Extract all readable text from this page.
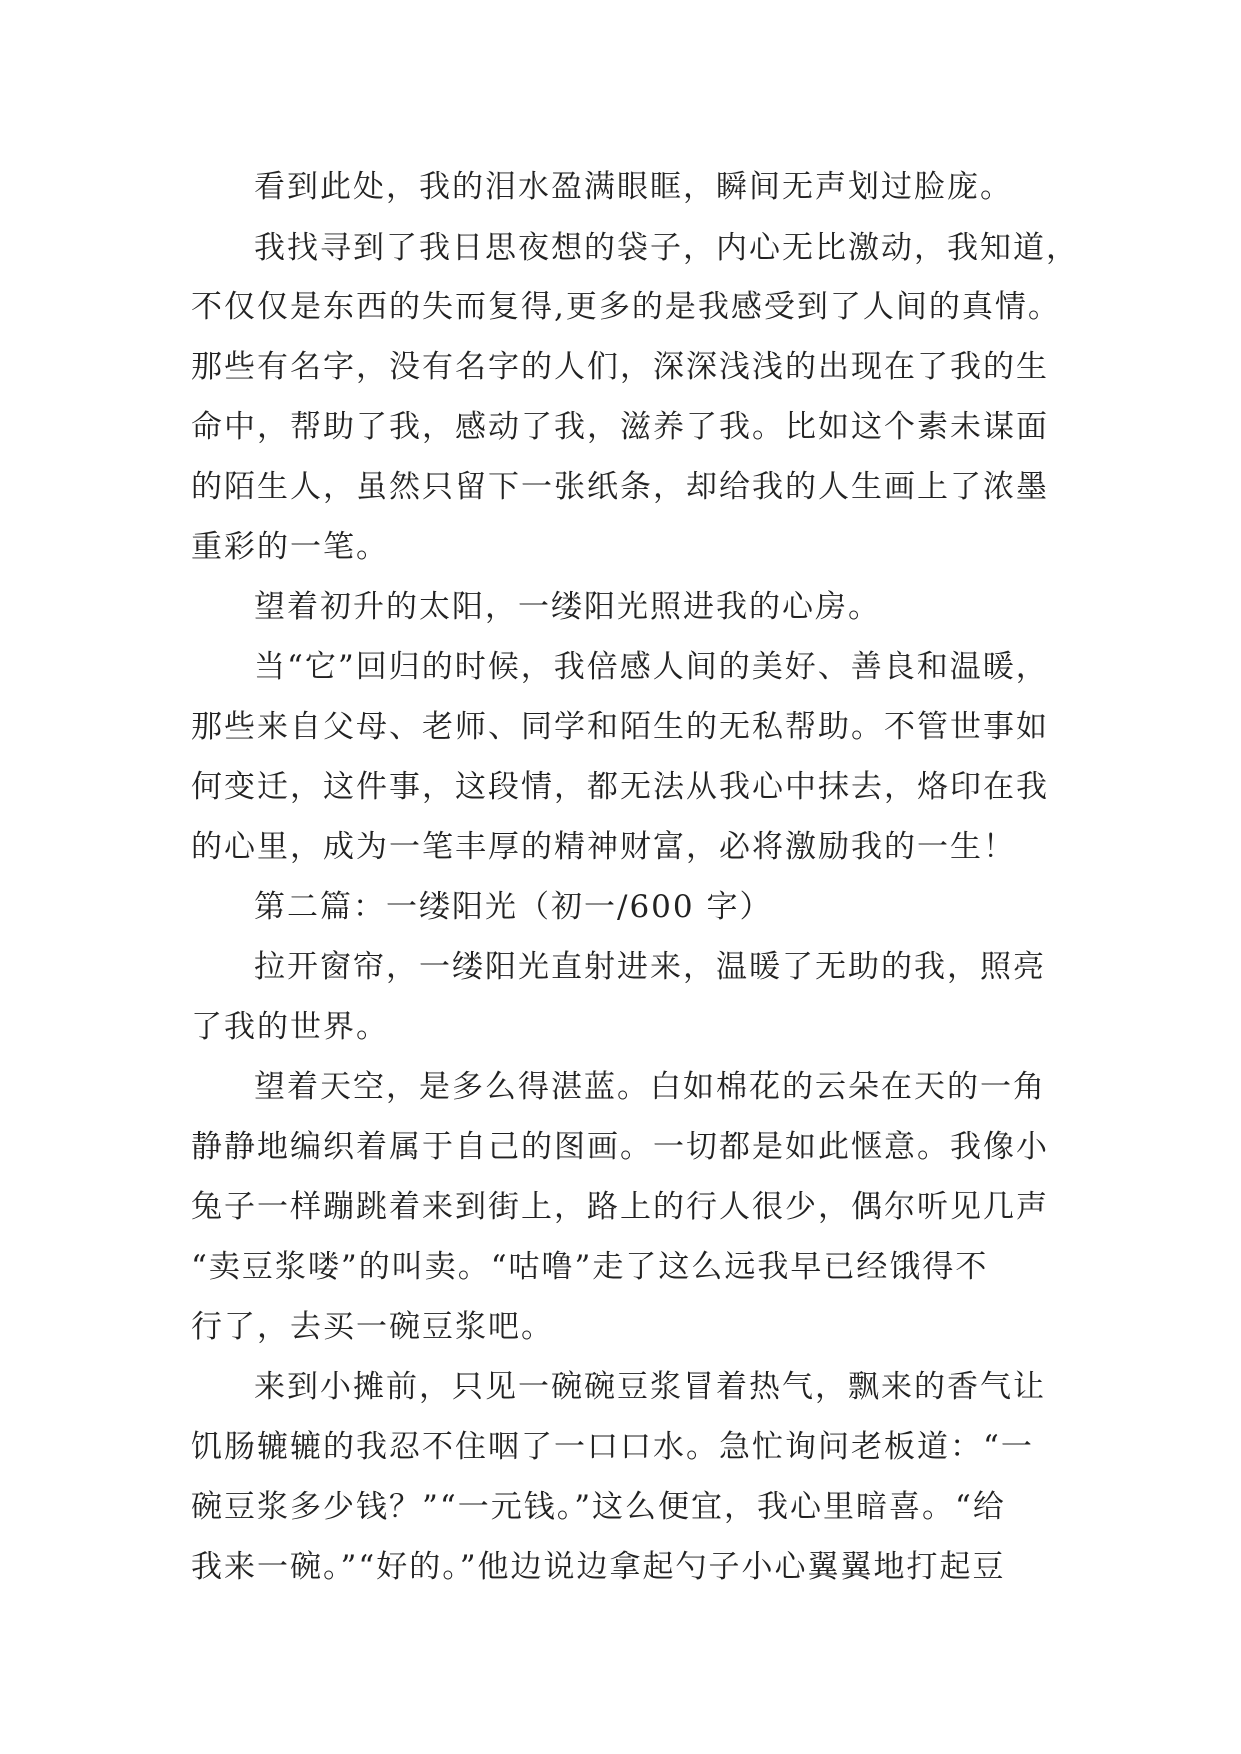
看到此处，我的泪水盈满眼眶，瞬间无声划过脸庞。
我找寻到了我日思夜想的袋子，内心无比激动，我知道，
不仅仅是东西的失而复得,更多的是我感受到了人间的真情。
那些有名字，没有名字的人们，深深浅浅的出现在了我的生
命中，帮助了我，感动了我，滋养了我。比如这个素未谋面
的陌生人，虽然只留下一张纸条，却给我的人生画上了浓墨
重彩的一笔。
望着初升的太阳，一缕阳光照进我的心房。
当“它”回归的时候，我倍感人间的美好、善良和温暖，
那些来自父母、老师、同学和陌生的无私帮助。不管世事如
何变迁，这件事，这段情，都无法从我心中抹去，烙印在我
的心里，成为一笔丰厚的精神财富，必将激励我的一生！
第二篇：一缕阳光（初一/600 字）
拉开窗帘，一缕阳光直射进来，温暖了无助的我，照亮
了我的世界。
望着天空，是多么得湛蓝。白如棉花的云朵在天的一角
静静地编织着属于自己的图画。一切都是如此惬意。我像小
兔子一样蹦跳着来到街上，路上的行人很少，偶尔听见几声
“卖豆浆喽”的叫卖。“咕噜”走了这么远我早已经饿得不
行了，去买一碗豆浆吧。
来到小摊前，只见一碗碗豆浆冒着热气，飘来的香气让
饥肠辘辘的我忍不住咽了一口口水。急忙询问老板道：“一
碗豆浆多少钱？”“一元钱。”这么便宜，我心里暗喜。“给
我来一碗。”“好的。”他边说边拿起勺子小心翼翼地打起豆
